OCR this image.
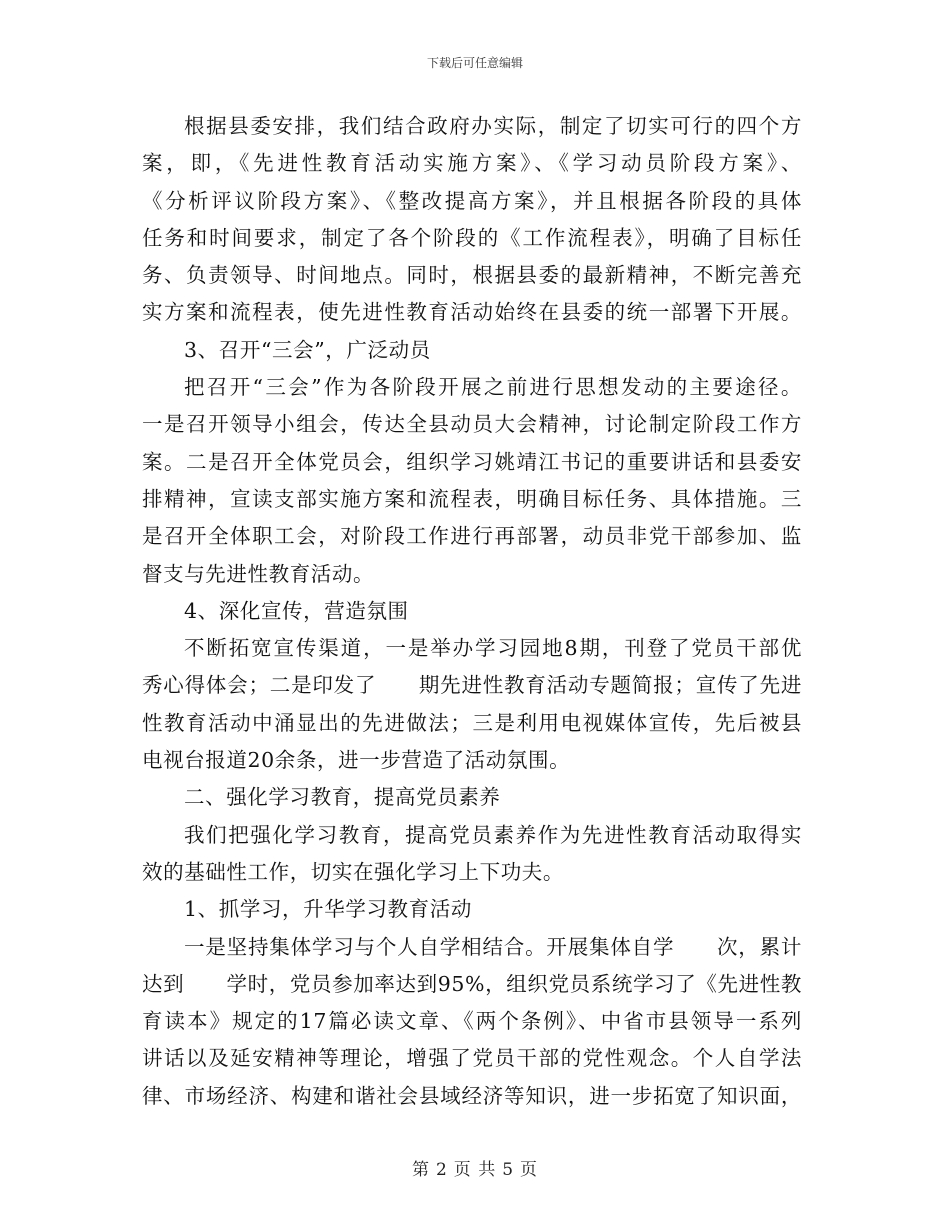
下载后可任意编辑
根据县委安排，我们结合政府办实际，制定了切实可行的四个方
案，即，《先进性教育活动实施方案》、《学习动员阶段方案》、
《分析评议阶段方案》、《整改提高方案》，并且根据各阶段的具体
任务和时间要求，制定了各个阶段的《工作流程表》，明确了目标任
务、负责领导、时间地点。同时，根据县委的最新精神，不断完善充
实方案和流程表，使先进性教育活动始终在县委的统一部署下开展。
3、召开“三会”，广泛动员
把召开“三会”作为各阶段开展之前进行思想发动的主要途径。
一是召开领导小组会，传达全县动员大会精神，讨论制定阶段工作方
案。二是召开全体党员会，组织学习姚靖江书记的重要讲话和县委安
排精神，宣读支部实施方案和流程表，明确目标任务、具体措施。三
是召开全体职工会，对阶段工作进行再部署，动员非党干部参加、监
督支与先进性教育活动。
4、深化宣传，营造氛围
不断拓宽宣传渠道，一是举办学习园地8期，刊登了党员干部优
秀心得体会；二是印发了　　期先进性教育活动专题简报；宣传了先进
性教育活动中涌显出的先进做法；三是利用电视媒体宣传，先后被县
电视台报道20余条，进一步营造了活动氛围。
二、强化学习教育，提高党员素养
我们把强化学习教育，提高党员素养作为先进性教育活动取得实
效的基础性工作，切实在强化学习上下功夫。
1、抓学习，升华学习教育活动
一是坚持集体学习与个人自学相结合。开展集体自学　　次，累计
达到　　学时，党员参加率达到95%，组织党员系统学习了《先进性教
育读本》规定的17篇必读文章、《两个条例》、中省市县领导一系列
讲话以及延安精神等理论，增强了党员干部的党性观念。个人自学法
律、市场经济、构建和谐社会县域经济等知识，进一步拓宽了知识面，
第 2 页 共 5 页
